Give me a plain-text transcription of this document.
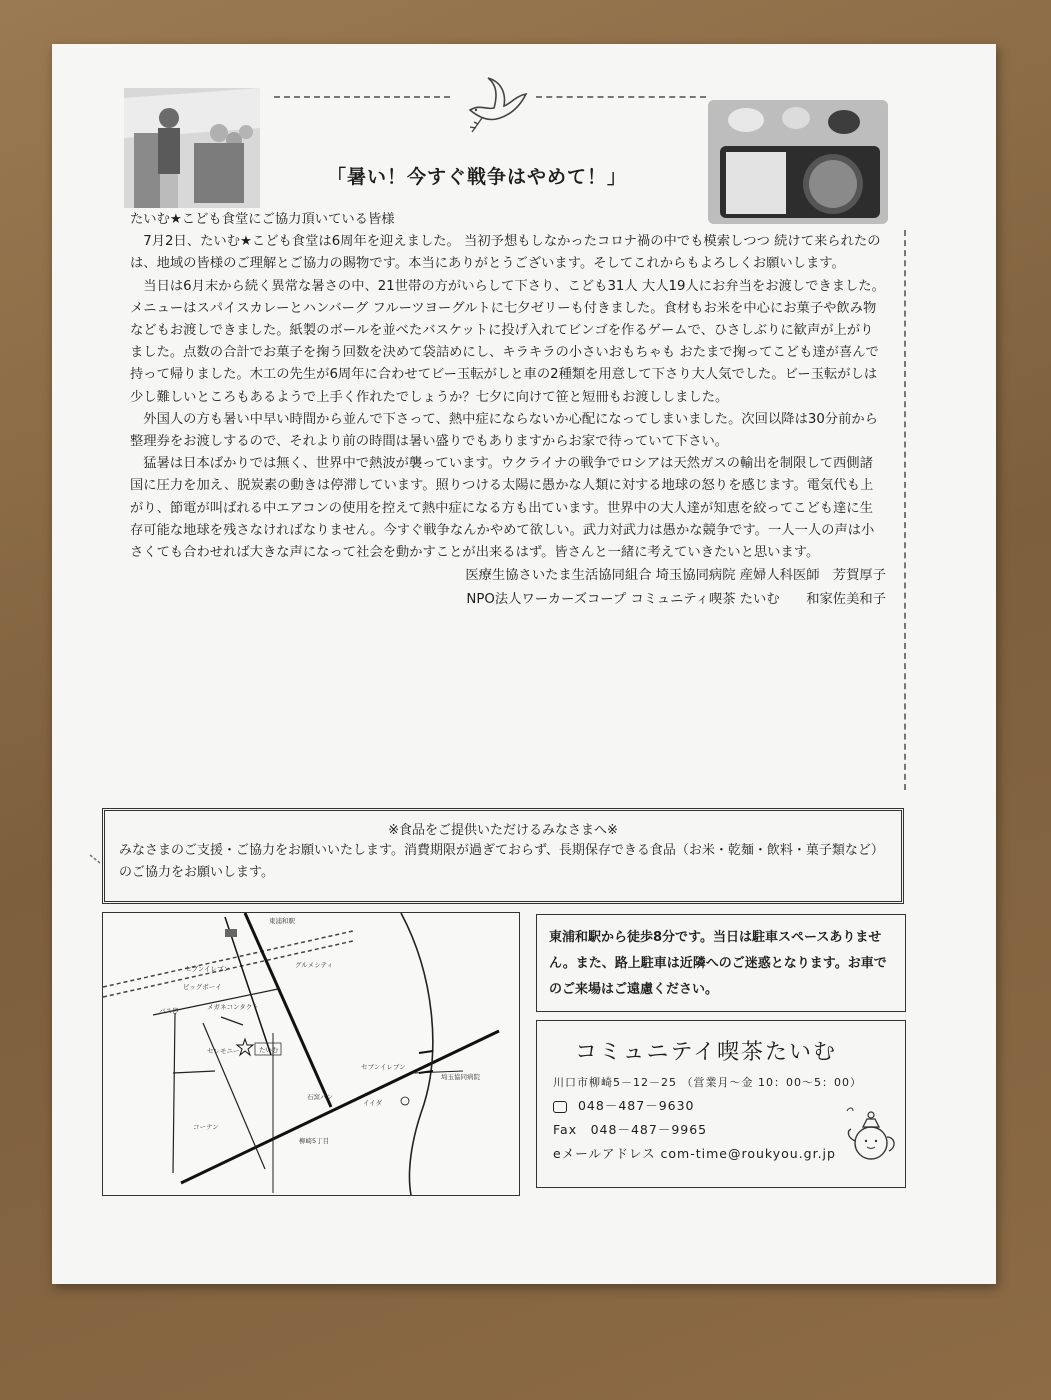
「暑い！今すぐ戦争はやめて！」

たいむ★こども食堂にご協力頂いている皆様

7月2日、たいむ★こども食堂は6周年を迎えました。 当初予想もしなかったコロナ禍の中でも模索しつつ 続けて来られたのは、地域の皆様のご理解とご協力の賜物です。本当にありがとうございます。そしてこれからもよろしくお願いします。

当日は6月末から続く異常な暑さの中、21世帯の方がいらして下さり、こども31人 大人19人にお弁当をお渡しできました。メニューはスパイスカレーとハンバーグ フルーツヨーグルトに七夕ゼリーも付きました。食材もお米を中心にお菓子や飲み物などもお渡しできました。紙製のボールを並べたバスケットに投げ入れてビンゴを作るゲームで、ひさしぶりに歓声が上がりました。点数の合計でお菓子を掬う回数を決めて袋詰めにし、キラキラの小さいおもちゃも おたまで掬ってこども達が喜んで持って帰りました。木工の先生が6周年に合わせてビー玉転がしと車の2種類を用意して下さり大人気でした。ビー玉転がしは少し難しいところもあるようで上手く作れたでしょうか？七夕に向けて笹と短冊もお渡ししました。

外国人の方も暑い中早い時間から並んで下さって、熱中症にならないか心配になってしまいました。次回以降は30分前から整理券をお渡しするので、それより前の時間は暑い盛りでもありますからお家で待っていて下さい。

猛暑は日本ばかりでは無く、世界中で熱波が襲っています。ウクライナの戦争でロシアは天然ガスの輸出を制限して西側諸国に圧力を加え、脱炭素の動きは停滞しています。照りつける太陽に愚かな人類に対する地球の怒りを感じます。電気代も上がり、節電が叫ばれる中エアコンの使用を控えて熱中症になる方も出ています。世界中の大人達が知恵を絞ってこども達に生存可能な地球を残さなければなりません。今すぐ戦争なんかやめて欲しい。武力対武力は愚かな競争です。一人一人の声は小さくても合わせれば大きな声になって社会を動かすことが出来るはず。皆さんと一緒に考えていきたいと思います。

医療生協さいたま生活協同組合 埼玉協同病院 産婦人科医師　芳賀厚子
NPO法人ワーカーズコープ コミュニティ喫茶 たいむ　　和家佐美和子
※食品をご提供いただけるみなさまへ※
みなさまのご支援・ご協力をお願いいたします。消費期限が過ぎておらず、長期保存できる食品（お米・乾麺・飲料・菓子類など）のご協力をお願いします。
東浦和駅
セブンイレブン	グルメシティ
ビッグボーイ
バス停	メガネコンタクト
セレモニー	たいむ
セブンイレブン
石窯パン
埼玉協同病院
イイダ
コーナン
柳崎5丁目
東浦和駅から徒歩8分です。当日は駐車スペースありません。また、路上駐車は近隣へのご迷惑となります。お車でのご来場はご遠慮ください。
コミュニテイ喫茶たいむ
川口市柳崎5－12－25 （営業月～金 10：00～5：00）
048－487－9630
Fax　048－487－9965
eメールアドレス com-time@roukyou.gr.jp
